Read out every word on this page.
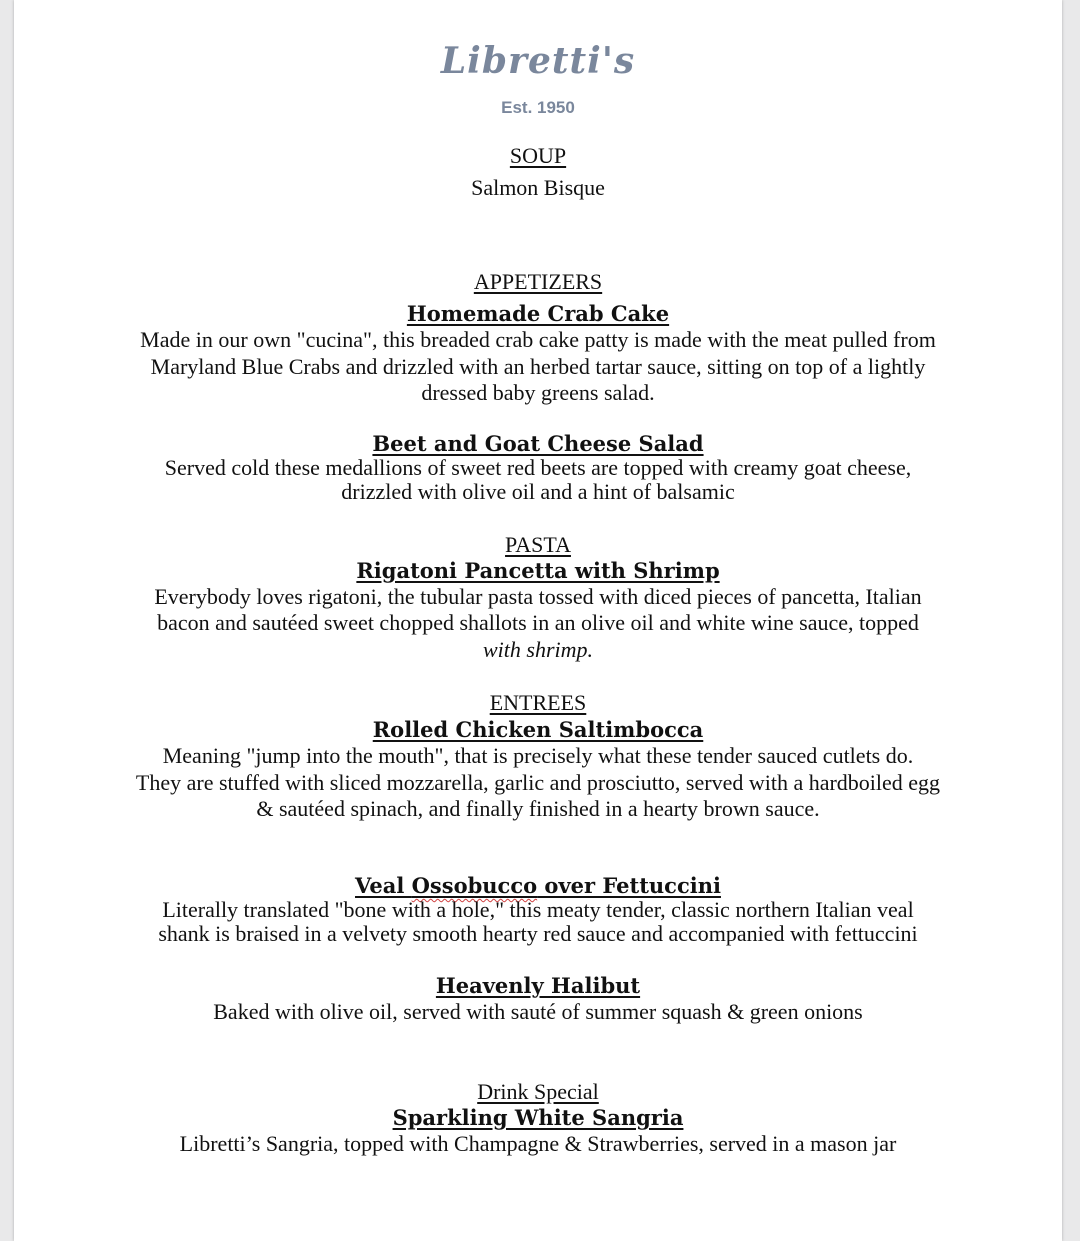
Libretti's
Est. 1950
SOUP
Salmon Bisque
APPETIZERS
Homemade Crab Cake
Made in our own "cucina", this breaded crab cake patty is made with the meat pulled from
Maryland Blue Crabs and drizzled with an herbed tartar sauce, sitting on top of a lightly
dressed baby greens salad.
Beet and Goat Cheese Salad
Served cold these medallions of sweet red beets are topped with creamy goat cheese,
drizzled with olive oil and a hint of balsamic
PASTA
Rigatoni Pancetta with Shrimp
Everybody loves rigatoni, the tubular pasta tossed with diced pieces of pancetta, Italian
bacon and sautéed sweet chopped shallots in an olive oil and white wine sauce, topped
with shrimp.
ENTREES
Rolled Chicken Saltimbocca
Meaning "jump into the mouth", that is precisely what these tender sauced cutlets do.
They are stuffed with sliced mozzarella, garlic and prosciutto, served with a hardboiled egg
& sautéed spinach, and finally finished in a hearty brown sauce.
Veal Ossobucco over Fettuccini
Literally translated "bone with a hole," this meaty tender, classic northern Italian veal
shank is braised in a velvety smooth hearty red sauce and accompanied with fettuccini
Heavenly Halibut
Baked with olive oil, served with sauté of summer squash & green onions
Drink Special
Sparkling White Sangria
Libretti’s Sangria, topped with Champagne & Strawberries, served in a mason jar
